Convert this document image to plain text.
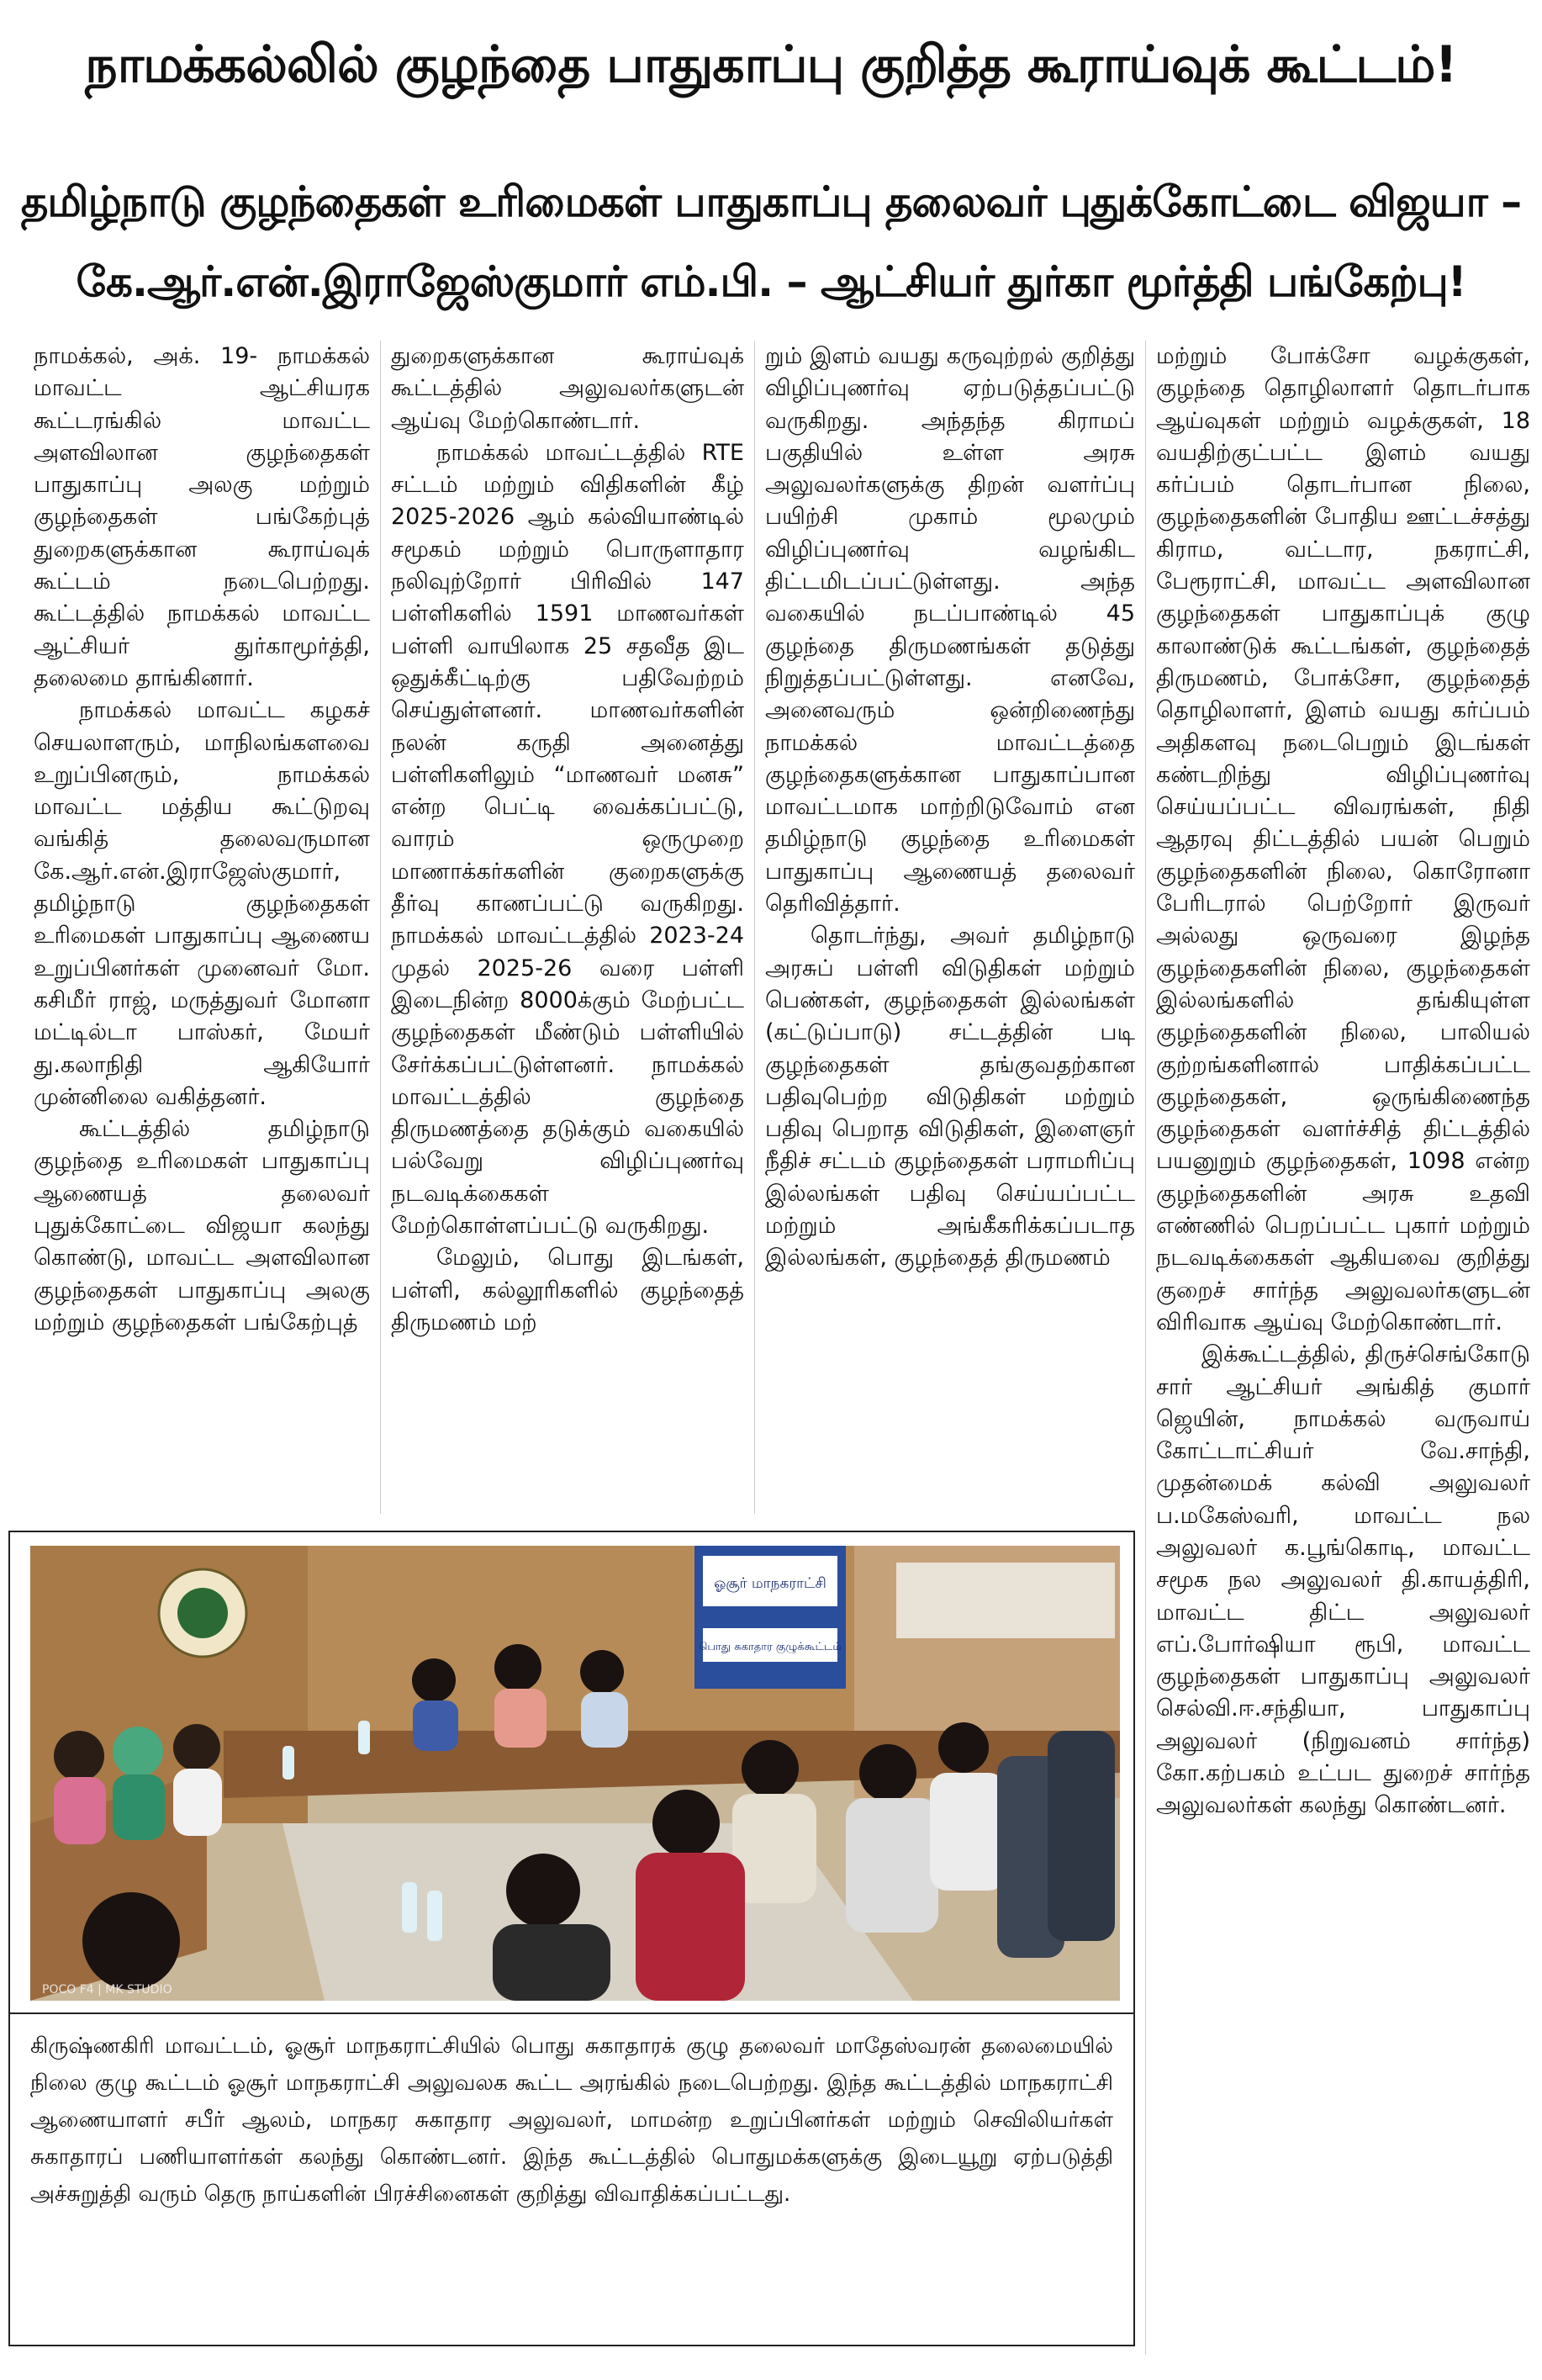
நாமக்கல்லில் குழந்தை பாதுகாப்பு குறித்த கூராய்வுக் கூட்டம்!
தமிழ்நாடு குழந்தைகள் உரிமைகள் பாதுகாப்பு தலைவர் புதுக்கோட்டை விஜயா –
கே.ஆர்.என்.இராஜேஸ்குமார் எம்.பி. – ஆட்சியர் துர்கா மூர்த்தி பங்கேற்பு!

நாமக்கல், அக். 19- நாமக்கல் மாவட்ட ஆட்சியரக கூட்டரங்கில் மாவட்ட அளவிலான குழந்தைகள் பாதுகாப்பு அலகு மற்றும் குழந்தைகள் பங்கேற்புத் துறைகளுக்கான கூராய்வுக் கூட்டம் நடைபெற்றது. கூட்டத்தில் நாமக்கல் மாவட்ட ஆட்சியர் துர்காமூர்த்தி, தலைமை தாங்கினார்.

நாமக்கல் மாவட்ட கழகச் செயலாளரும், மாநிலங்களவை உறுப்பினரும், நாமக்கல் மாவட்ட மத்திய கூட்டுறவு வங்கித் தலைவருமான கே.ஆர்.என்.இராஜேஸ்குமார், தமிழ்நாடு குழந்தைகள் உரிமைகள் பாதுகாப்பு ஆணைய உறுப்பினர்கள் முனைவர் மோ. கசிமீர் ராஜ், மருத்துவர் மோனா மட்டில்டா பாஸ்கர், மேயர் து.கலாநிதி ஆகியோர் முன்னிலை வகித்தனர்.

கூட்டத்தில் தமிழ்நாடு குழந்தை உரிமைகள் பாதுகாப்பு ஆணையத் தலைவர் புதுக்கோட்டை விஜயா கலந்து கொண்டு, மாவட்ட அளவிலான குழந்தைகள் பாதுகாப்பு அலகு மற்றும் குழந்தைகள் பங்கேற்புத்

துறைகளுக்கான கூராய்வுக் கூட்டத்தில் அலுவலர்களுடன் ஆய்வு மேற்கொண்டார்.

நாமக்கல் மாவட்டத்தில் RTE சட்டம் மற்றும் விதிகளின் கீழ் 2025-2026 ஆம் கல்வியாண்டில் சமூகம் மற்றும் பொருளாதார நலிவுற்றோர் பிரிவில் 147 பள்ளிகளில் 1591 மாணவர்கள் பள்ளி வாயிலாக 25 சதவீத இட ஒதுக்கீட்டிற்கு பதிவேற்றம் செய்துள்ளனர். மாணவர்களின் நலன் கருதி அனைத்து பள்ளிகளிலும் “மாணவர் மனசு” என்ற பெட்டி வைக்கப்பட்டு, வாரம் ஒருமுறை மாணாக்கர்களின் குறைகளுக்கு தீர்வு காணப்பட்டு வருகிறது. நாமக்கல் மாவட்டத்தில் 2023-24 முதல் 2025-26 வரை பள்ளி இடைநின்ற 8000க்கும் மேற்பட்ட குழந்தைகள் மீண்டும் பள்ளியில் சேர்க்கப்பட்டுள்ளனர். நாமக்கல் மாவட்டத்தில் குழந்தை திருமணத்தை தடுக்கும் வகையில் பல்வேறு விழிப்புணர்வு நடவடிக்கைகள் மேற்கொள்ளப்பட்டு வருகிறது.

மேலும், பொது இடங்கள், பள்ளி, கல்லூரிகளில் குழந்தைத் திருமணம் மற்

றும் இளம் வயது கருவுற்றல் குறித்து விழிப்புணர்வு ஏற்படுத்தப்பட்டு வருகிறது. அந்தந்த கிராமப் பகுதியில் உள்ள அரசு அலுவலர்களுக்கு திறன் வளர்ப்பு பயிற்சி முகாம் மூலமும் விழிப்புணர்வு வழங்கிட திட்டமிடப்பட்டுள்ளது. அந்த வகையில் நடப்பாண்டில் 45 குழந்தை திருமணங்கள் தடுத்து நிறுத்தப்பட்டுள்ளது. எனவே, அனைவரும் ஒன்றிணைந்து நாமக்கல் மாவட்டத்தை குழந்தைகளுக்கான பாதுகாப்பான மாவட்டமாக மாற்றிடுவோம் என தமிழ்நாடு குழந்தை உரிமைகள் பாதுகாப்பு ஆணையத் தலைவர் தெரிவித்தார்.

தொடர்ந்து, அவர் தமிழ்நாடு அரசுப் பள்ளி விடுதிகள் மற்றும் பெண்கள், குழந்தைகள் இல்லங்கள் (கட்டுப்பாடு) சட்டத்தின் படி குழந்தைகள் தங்குவதற்கான பதிவுபெற்ற விடுதிகள் மற்றும் பதிவு பெறாத விடுதிகள், இளைஞர் நீதிச் சட்டம் குழந்தைகள் பராமரிப்பு இல்லங்கள் பதிவு செய்யப்பட்ட மற்றும் அங்கீகரிக்கப்படாத இல்லங்கள், குழந்தைத் திருமணம்

மற்றும் போக்சோ வழக்குகள், குழந்தை தொழிலாளர் தொடர்பாக ஆய்வுகள் மற்றும் வழக்குகள், 18 வயதிற்குட்பட்ட இளம் வயது கர்ப்பம் தொடர்பான நிலை, குழந்தைகளின் போதிய ஊட்டச்சத்து கிராம, வட்டார, நகராட்சி, பேரூராட்சி, மாவட்ட அளவிலான குழந்தைகள் பாதுகாப்புக் குழு காலாண்டுக் கூட்டங்கள், குழந்தைத் திருமணம், போக்சோ, குழந்தைத் தொழிலாளர், இளம் வயது கர்ப்பம் அதிகளவு நடைபெறும் இடங்கள் கண்டறிந்து விழிப்புணர்வு செய்யப்பட்ட விவரங்கள், நிதி ஆதரவு திட்டத்தில் பயன் பெறும் குழந்தைகளின் நிலை, கொரோனா பேரிடரால் பெற்றோர் இருவர் அல்லது ஒருவரை இழந்த குழந்தைகளின் நிலை, குழந்தைகள் இல்லங்களில் தங்கியுள்ள குழந்தைகளின் நிலை, பாலியல் குற்றங்களினால் பாதிக்கப்பட்ட குழந்தைகள், ஒருங்கிணைந்த குழந்தைகள் வளர்ச்சித் திட்டத்தில் பயனுறும் குழந்தைகள், 1098 என்ற குழந்தைகளின் அரசு உதவி எண்ணில் பெறப்பட்ட புகார் மற்றும் நடவடிக்கைகள் ஆகியவை குறித்து குறைச் சார்ந்த அலுவலர்களுடன் விரிவாக ஆய்வு மேற்கொண்டார்.

இக்கூட்டத்தில், திருச்செங்கோடு சார் ஆட்சியர் அங்கித் குமார் ஜெயின், நாமக்கல் வருவாய் கோட்டாட்சியர் வே.சாந்தி, முதன்மைக் கல்வி அலுவலர் ப.மகேஸ்வரி, மாவட்ட நல அலுவலர் க.பூங்கொடி, மாவட்ட சமூக நல அலுவலர் தி.காயத்திரி, மாவட்ட திட்ட அலுவலர் எப்.போர்ஷியா ரூபி, மாவட்ட குழந்தைகள் பாதுகாப்பு அலுவலர் செல்வி.ஈ.சந்தியா, பாதுகாப்பு அலுவலர் (நிறுவனம் சார்ந்த) கோ.கற்பகம் உட்பட துறைச் சார்ந்த அலுவலர்கள் கலந்து கொண்டனர்.

ஓசூர் மாநகராட்சி
பொது சுகாதார குழுக்கூட்டம்
POCO F4 | MK STUDIO

கிருஷ்ணகிரி மாவட்டம், ஓசூர் மாநகராட்சியில் பொது சுகாதாரக் குழு தலைவர் மாதேஸ்வரன் தலைமையில் நிலை குழு கூட்டம் ஓசூர் மாநகராட்சி அலுவலக கூட்ட அரங்கில் நடைபெற்றது. இந்த கூட்டத்தில் மாநகராட்சி ஆணையாளர் சபீர் ஆலம், மாநகர சுகாதார அலுவலர், மாமன்ற உறுப்பினர்கள் மற்றும் செவிலியர்கள் சுகாதாரப் பணியாளர்கள் கலந்து கொண்டனர். இந்த கூட்டத்தில் பொதுமக்களுக்கு இடையூறு ஏற்படுத்தி அச்சுறுத்தி வரும் தெரு நாய்களின் பிரச்சினைகள் குறித்து விவாதிக்கப்பட்டது.
